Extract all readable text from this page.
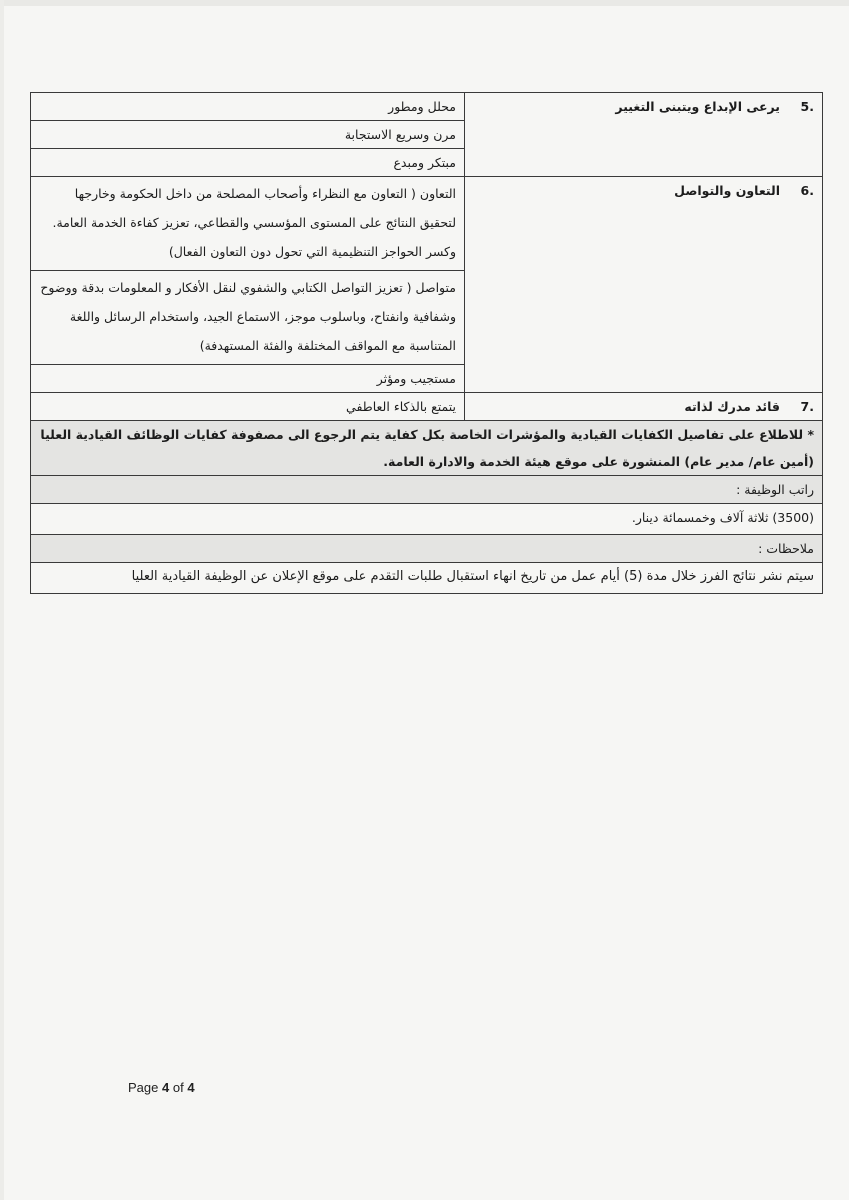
.5يرعى الإبداع ويتبنى التغيير	محلل ومطور
	مرن وسريع الاستجابة
	مبتكر ومبدع
.6التعاون والتواصل	التعاون ( التعاون مع النظراء وأصحاب المصلحة من داخل الحكومة وخارجها لتحقيق النتائج على المستوى المؤسسي والقطاعي، تعزيز كفاءة الخدمة العامة. وكسر الحواجز التنظيمية التي تحول دون التعاون الفعال)
	متواصل ( تعزيز التواصل الكتابي والشفوي لنقل الأفكار و المعلومات بدقة ووضوح وشفافية وانفتاح، وباسلوب موجز، الاستماع الجيد، واستخدام الرسائل واللغة المتناسبة مع المواقف المختلفة والفئة المستهدفة)
	مستجيب ومؤثر
.7قائد مدرك لذاته	يتمتع بالذكاء العاطفي
* للاطلاع على تفاصيل الكفايات القيادية والمؤشرات الخاصة بكل كفاية يتم الرجوع الى مصفوفة كفايات الوظائف القيادية العليا (أمين عام/ مدير عام) المنشورة على موقع هيئة الخدمة والادارة العامة.	
راتب الوظيفة :	
(3500) ثلاثة آلاف وخمسمائة دينار.	
ملاحظات :	
سيتم نشر نتائج الفرز خلال مدة (5) أيام عمل من تاريخ انهاء استقبال طلبات التقدم على موقع الإعلان عن الوظيفة القيادية العليا	
Page 4 of 4
